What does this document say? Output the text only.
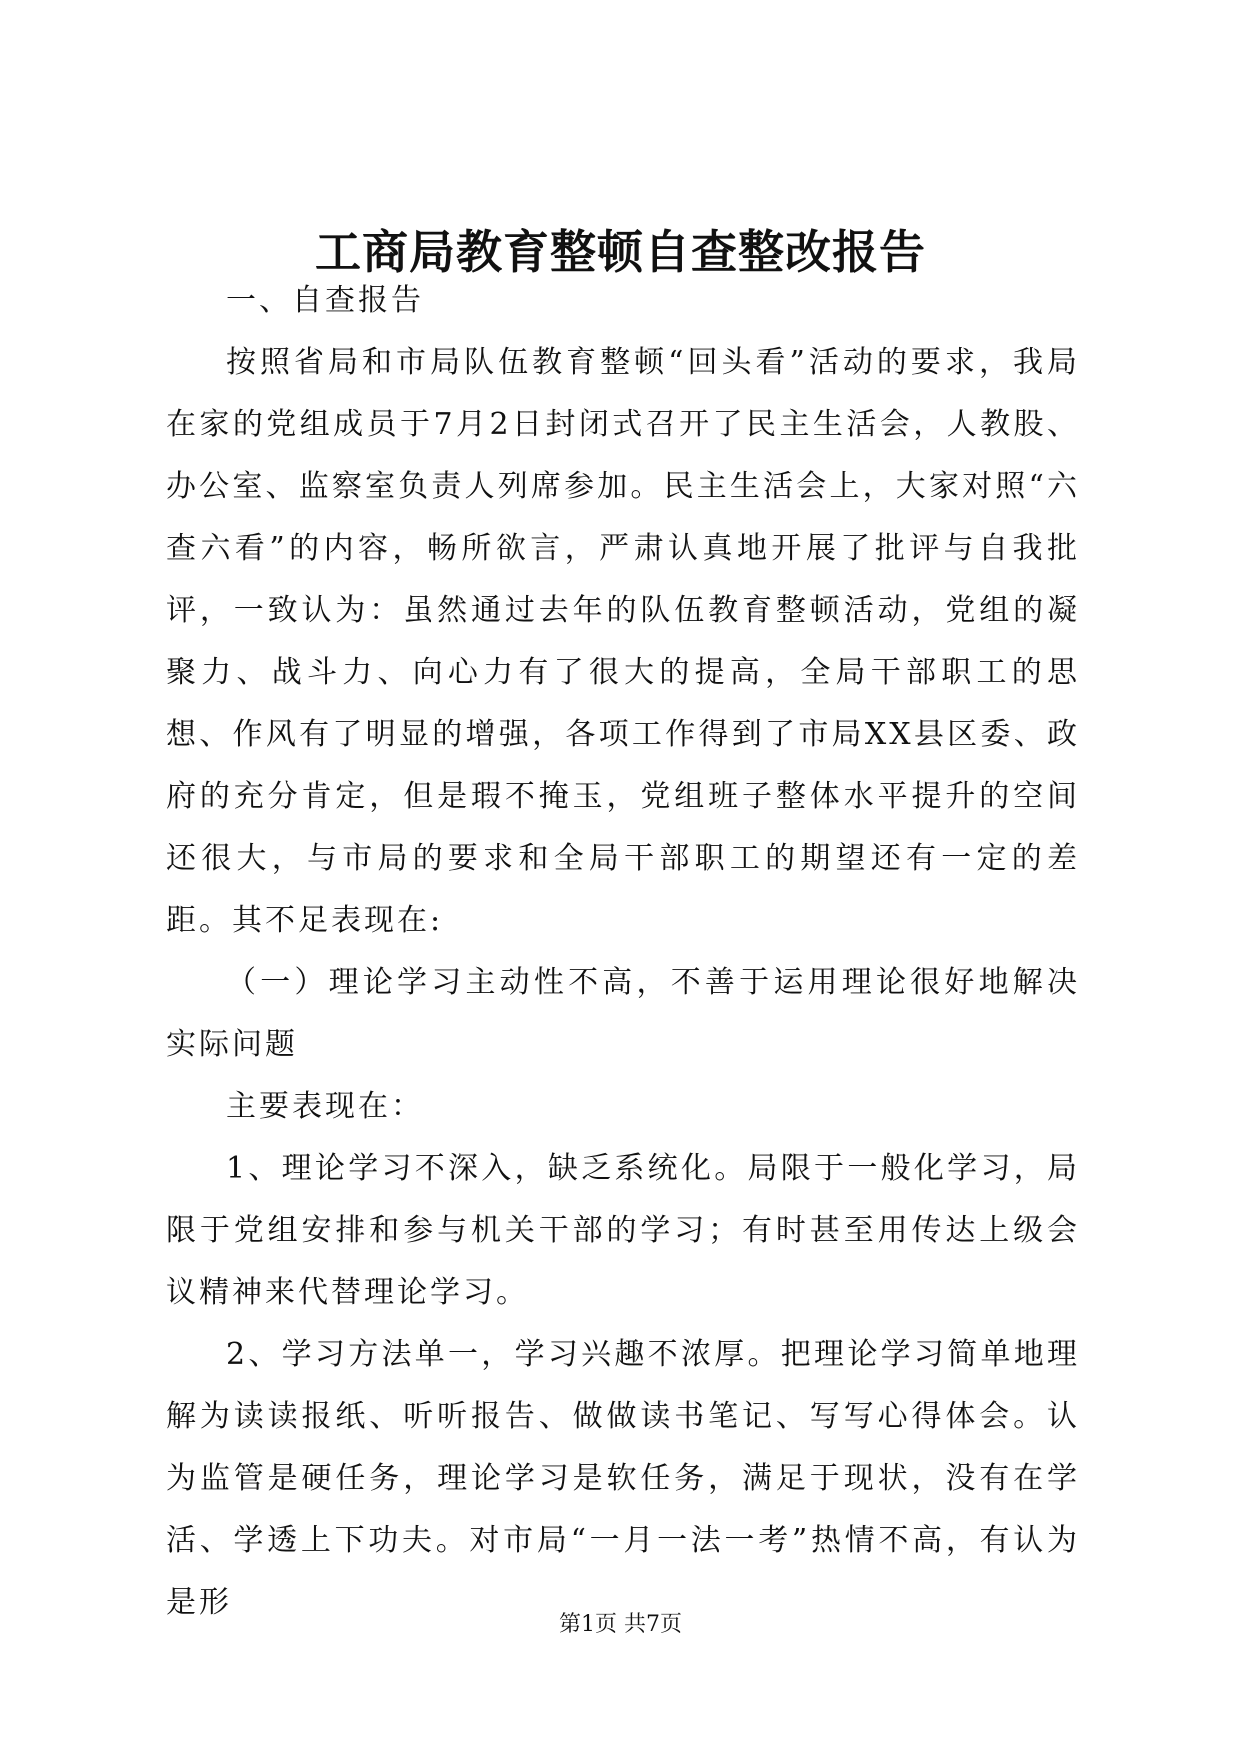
工商局教育整顿自查整改报告

一、自查报告

按照省局和市局队伍教育整顿“回头看”活动的要求，我局在家的党组成员于7月2日封闭式召开了民主生活会，人教股、办公室、监察室负责人列席参加。民主生活会上，大家对照“六查六看”的内容，畅所欲言，严肃认真地开展了批评与自我批评，一致认为：虽然通过去年的队伍教育整顿活动，党组的凝聚力、战斗力、向心力有了很大的提高，全局干部职工的思想、作风有了明显的增强，各项工作得到了市局XX县区委、政府的充分肯定，但是瑕不掩玉，党组班子整体水平提升的空间还很大，与市局的要求和全局干部职工的期望还有一定的差距。其不足表现在:

（一）理论学习主动性不高，不善于运用理论很好地解决实际问题

主要表现在：

1、理论学习不深入，缺乏系统化。局限于一般化学习，局限于党组安排和参与机关干部的学习；有时甚至用传达上级会议精神来代替理论学习。

2、学习方法单一，学习兴趣不浓厚。把理论学习简单地理解为读读报纸、听听报告、做做读书笔记、写写心得体会。认为监管是硬任务，理论学习是软任务，满足于现状，没有在学活、学透上下功夫。对市局“一月一法一考”热情不高，有认为是形

第1页 共7页
